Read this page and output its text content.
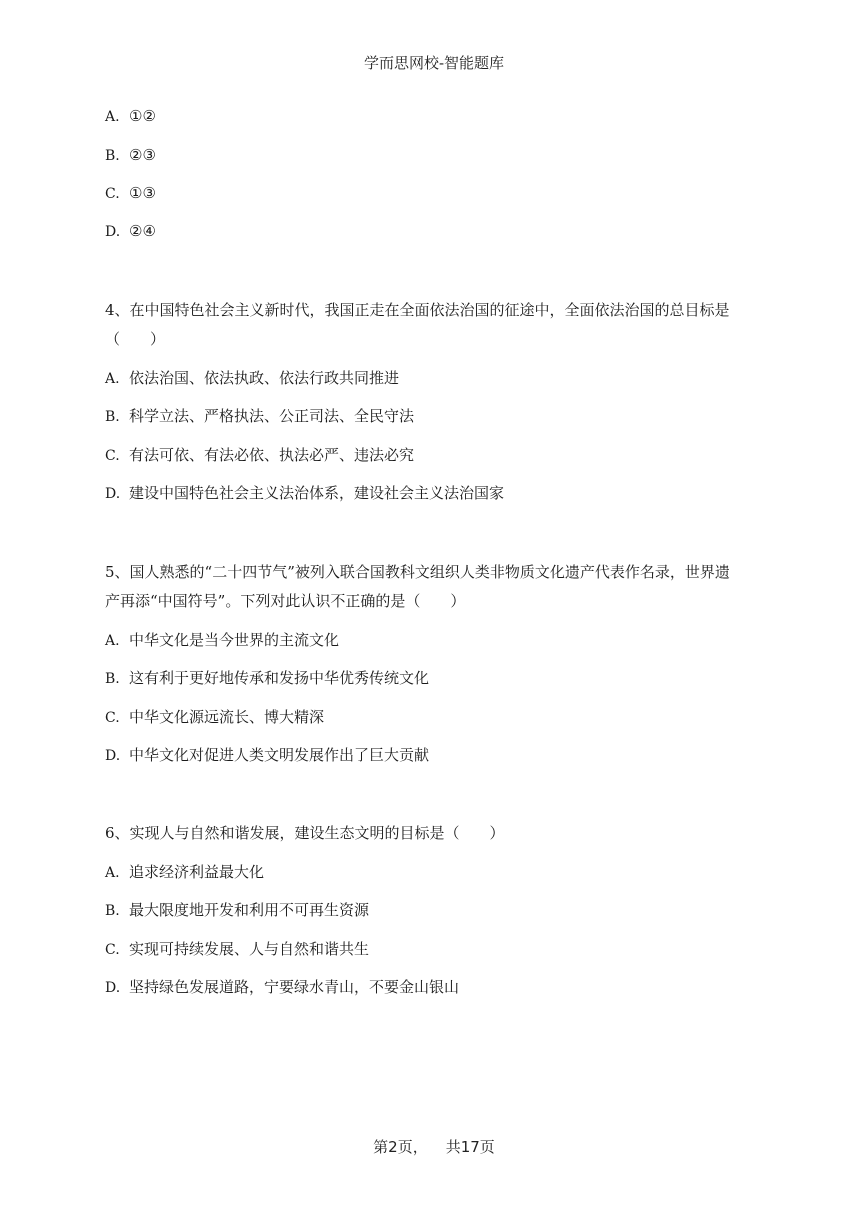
学而思网校-智能题库
A. ①②
B. ②③
C. ①③
D. ②④
4、在中国特色社会主义新时代，我国正走在全面依法治国的征途中，全面依法治国的总目标是
（　　）
A. 依法治国、依法执政、依法行政共同推进
B. 科学立法、严格执法、公正司法、全民守法
C. 有法可依、有法必依、执法必严、违法必究
D. 建设中国特色社会主义法治体系，建设社会主义法治国家
5、国人熟悉的“二十四节气”被列入联合国教科文组织人类非物质文化遗产代表作名录，世界遗
产再添“中国符号”。下列对此认识不正确的是（　　）
A. 中华文化是当今世界的主流文化
B. 这有利于更好地传承和发扬中华优秀传统文化
C. 中华文化源远流长、博大精深
D. 中华文化对促进人类文明发展作出了巨大贡献
6、实现人与自然和谐发展，建设生态文明的目标是（　　）
A. 追求经济利益最大化
B. 最大限度地开发和利用不可再生资源
C. 实现可持续发展、人与自然和谐共生
D. 坚持绿色发展道路，宁要绿水青山，不要金山银山
第2页， 共17页
